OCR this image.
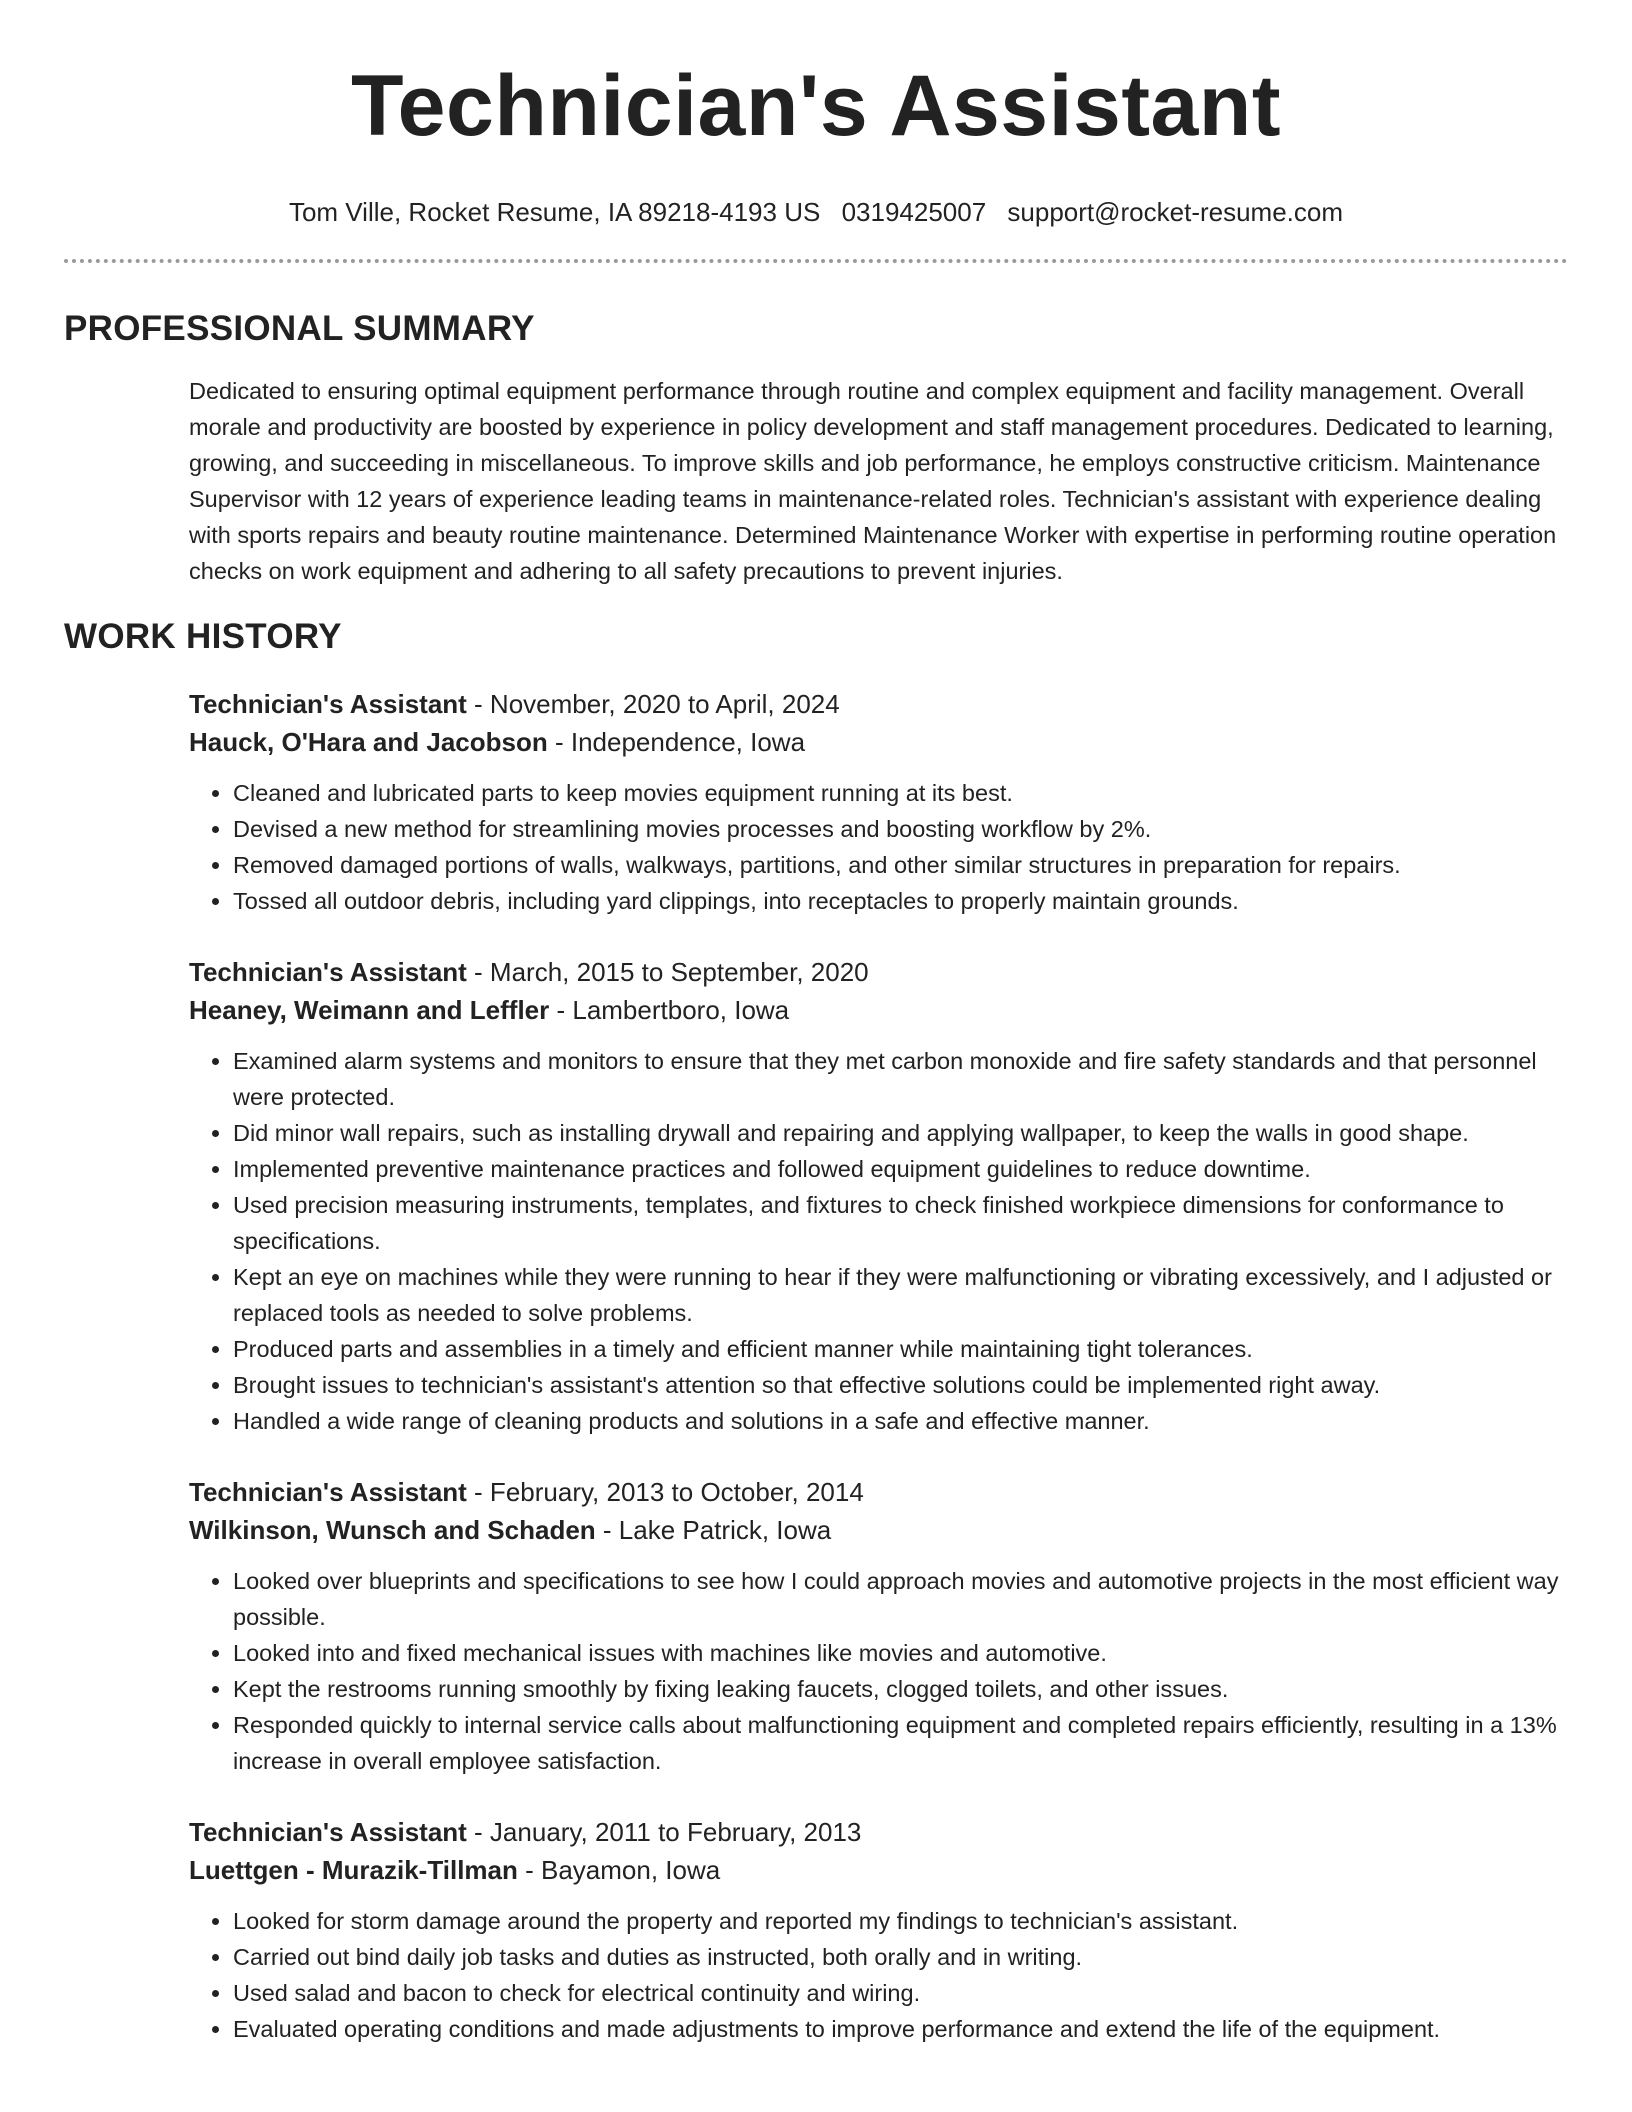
Technician's Assistant
Tom Ville, Rocket Resume, IA 89218-4193 US 0319425007 support@rocket-resume.com
PROFESSIONAL SUMMARY

Dedicated to ensuring optimal equipment performance through routine and complex equipment and facility management. Overall morale and productivity are boosted by experience in policy development and staff management procedures. Dedicated to learning, growing, and succeeding in miscellaneous. To improve skills and job performance, he employs constructive criticism. Maintenance Supervisor with 12 years of experience leading teams in maintenance-related roles. Technician's assistant with experience dealing with sports repairs and beauty routine maintenance. Determined Maintenance Worker with expertise in performing routine operation checks on work equipment and adhering to all safety precautions to prevent injuries.

WORK HISTORY
Technician's Assistant - November, 2020 to April, 2024
Hauck, O'Hara and Jacobson - Independence, Iowa
• Cleaned and lubricated parts to keep movies equipment running at its best.
• Devised a new method for streamlining movies processes and boosting workflow by 2%.
• Removed damaged portions of walls, walkways, partitions, and other similar structures in preparation for repairs.
• Tossed all outdoor debris, including yard clippings, into receptacles to properly maintain grounds.
Technician's Assistant - March, 2015 to September, 2020
Heaney, Weimann and Leffler - Lambertboro, Iowa
• Examined alarm systems and monitors to ensure that they met carbon monoxide and fire safety standards and that personnel were protected.
• Did minor wall repairs, such as installing drywall and repairing and applying wallpaper, to keep the walls in good shape.
• Implemented preventive maintenance practices and followed equipment guidelines to reduce downtime.
• Used precision measuring instruments, templates, and fixtures to check finished workpiece dimensions for conformance to specifications.
• Kept an eye on machines while they were running to hear if they were malfunctioning or vibrating excessively, and I adjusted or replaced tools as needed to solve problems.
• Produced parts and assemblies in a timely and efficient manner while maintaining tight tolerances.
• Brought issues to technician's assistant's attention so that effective solutions could be implemented right away.
• Handled a wide range of cleaning products and solutions in a safe and effective manner.
Technician's Assistant - February, 2013 to October, 2014
Wilkinson, Wunsch and Schaden - Lake Patrick, Iowa
• Looked over blueprints and specifications to see how I could approach movies and automotive projects in the most efficient way possible.
• Looked into and fixed mechanical issues with machines like movies and automotive.
• Kept the restrooms running smoothly by fixing leaking faucets, clogged toilets, and other issues.
• Responded quickly to internal service calls about malfunctioning equipment and completed repairs efficiently, resulting in a 13% increase in overall employee satisfaction.
Technician's Assistant - January, 2011 to February, 2013
Luettgen - Murazik-Tillman - Bayamon, Iowa
• Looked for storm damage around the property and reported my findings to technician's assistant.
• Carried out bind daily job tasks and duties as instructed, both orally and in writing.
• Used salad and bacon to check for electrical continuity and wiring.
• Evaluated operating conditions and made adjustments to improve performance and extend the life of the equipment.
